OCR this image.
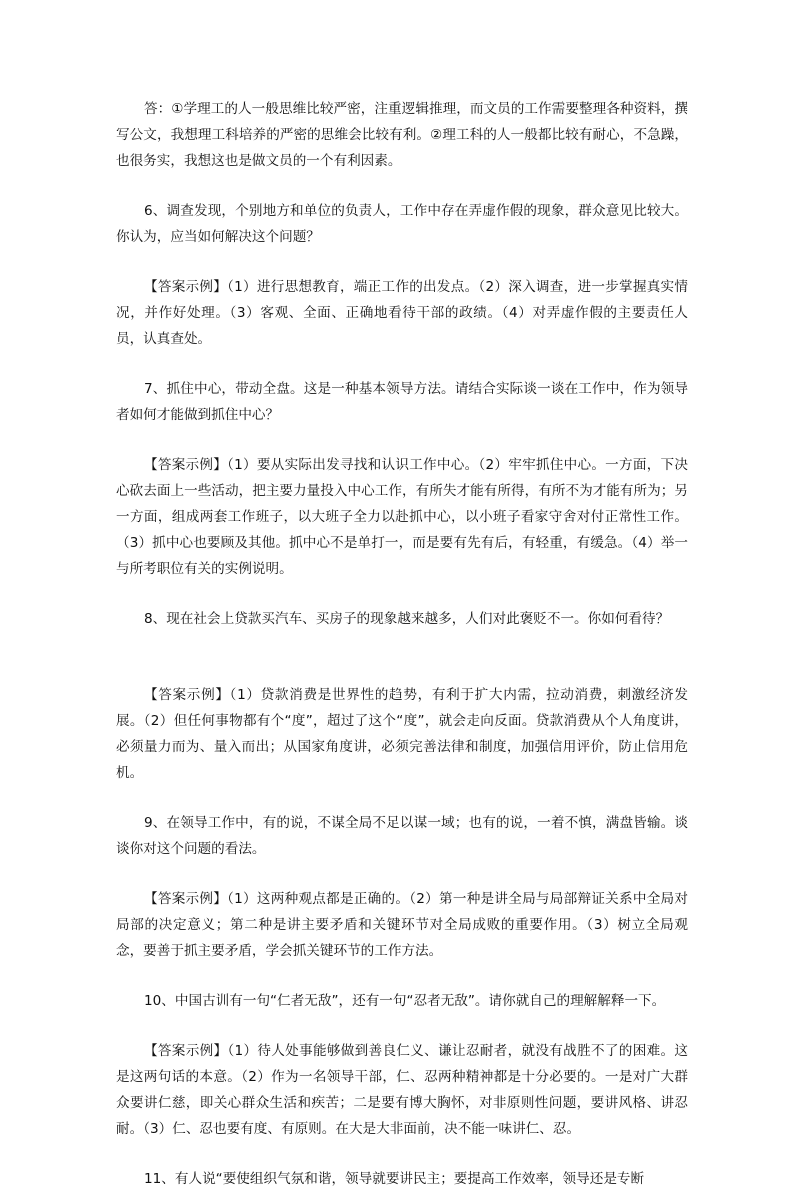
答：①学理工的人一般思维比较严密，注重逻辑推理，而文员的工作需要整理各种资料，撰写公文，我想理工科培养的严密的思维会比较有利。②理工科的人一般都比较有耐心，不急躁，也很务实，我想这也是做文员的一个有利因素。

6、调查发现，个别地方和单位的负责人，工作中存在弄虚作假的现象，群众意见比较大。你认为，应当如何解决这个问题？

【答案示例】（1）进行思想教育，端正工作的出发点。（2）深入调查，进一步掌握真实情况，并作好处理。（3）客观、全面、正确地看待干部的政绩。（4）对弄虚作假的主要责任人员，认真查处。

7、抓住中心，带动全盘。这是一种基本领导方法。请结合实际谈一谈在工作中，作为领导者如何才能做到抓住中心？

【答案示例】（1）要从实际出发寻找和认识工作中心。（2）牢牢抓住中心。一方面，下决心砍去面上一些活动，把主要力量投入中心工作，有所失才能有所得，有所不为才能有所为；另一方面，组成两套工作班子，以大班子全力以赴抓中心，以小班子看家守舍对付正常性工作。（3）抓中心也要顾及其他。抓中心不是单打一，而是要有先有后，有轻重，有缓急。（4）举一与所考职位有关的实例说明。

8、现在社会上贷款买汽车、买房子的现象越来越多，人们对此褒贬不一。你如何看待？

【答案示例】（1）贷款消费是世界性的趋势，有利于扩大内需，拉动消费，刺激经济发展。（2）但任何事物都有个“度”，超过了这个“度”，就会走向反面。贷款消费从个人角度讲，必须量力而为、量入而出；从国家角度讲，必须完善法律和制度，加强信用评价，防止信用危机。

9、在领导工作中，有的说，不谋全局不足以谋一域；也有的说，一着不慎，满盘皆输。谈谈你对这个问题的看法。

【答案示例】（1）这两种观点都是正确的。（2）第一种是讲全局与局部辩证关系中全局对局部的决定意义；第二种是讲主要矛盾和关键环节对全局成败的重要作用。（3）树立全局观念，要善于抓主要矛盾，学会抓关键环节的工作方法。

10、中国古训有一句“仁者无敌”，还有一句“忍者无敌”。请你就自己的理解解释一下。

【答案示例】（1）待人处事能够做到善良仁义、谦让忍耐者，就没有战胜不了的困难。这是这两句话的本意。（2）作为一名领导干部，仁、忍两种精神都是十分必要的。一是对广大群众要讲仁慈，即关心群众生活和疾苦；二是要有博大胸怀，对非原则性问题，要讲风格、讲忍耐。（3）仁、忍也要有度、有原则。在大是大非面前，决不能一味讲仁、忍。

11、有人说“要使组织气氛和谐，领导就要讲民主；要提高工作效率，领导还是专断
